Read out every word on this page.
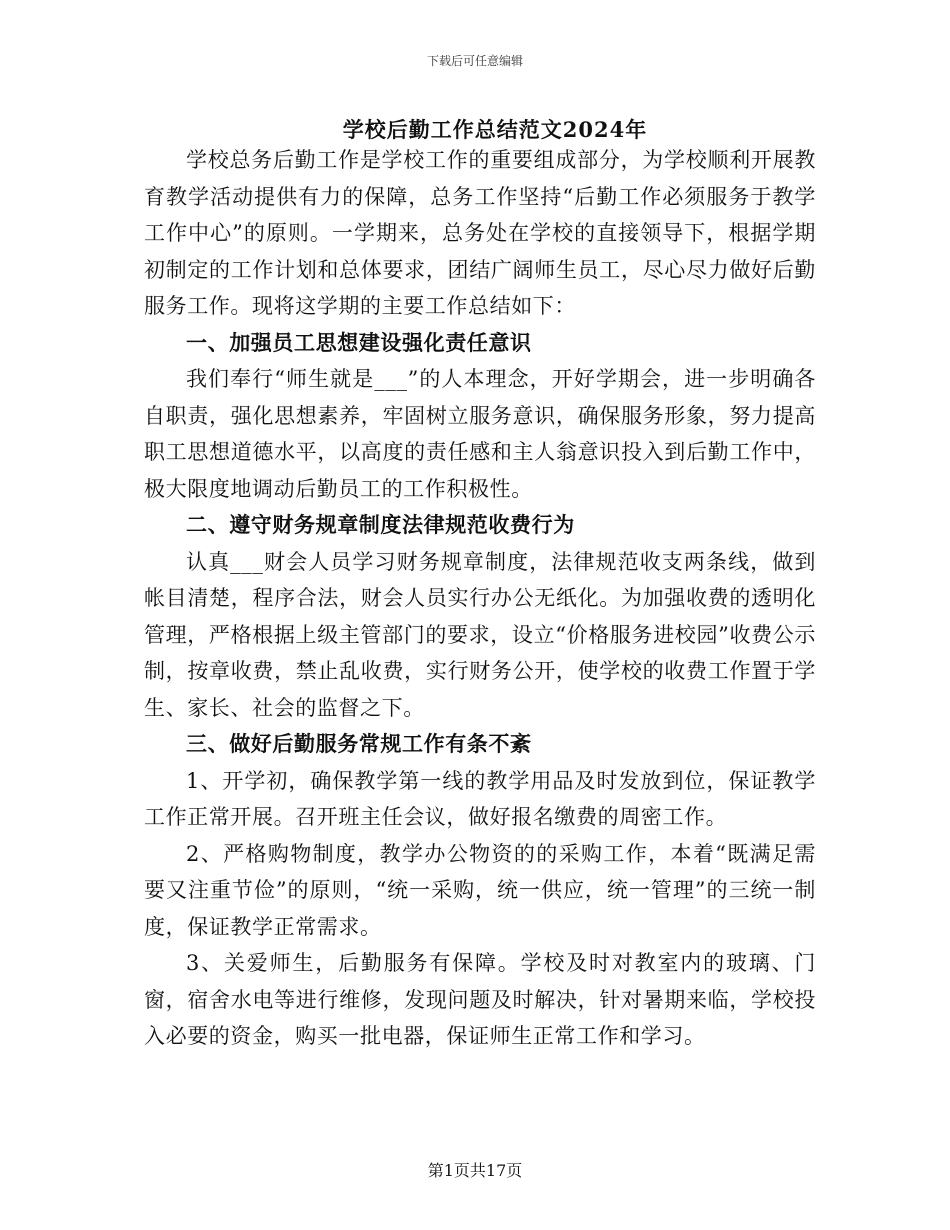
下载后可任意编辑
学校后勤工作总结范文2024年

学校总务后勤工作是学校工作的重要组成部分，为学校顺利开展教育教学活动提供有力的保障，总务工作坚持“后勤工作必须服务于教学工作中心”的原则。一学期来，总务处在学校的直接领导下，根据学期初制定的工作计划和总体要求，团结广阔师生员工，尽心尽力做好后勤服务工作。现将这学期的主要工作总结如下：

一、加强员工思想建设强化责任意识

我们奉行“师生就是___”的人本理念，开好学期会，进一步明确各自职责，强化思想素养，牢固树立服务意识，确保服务形象，努力提高职工思想道德水平，以高度的责任感和主人翁意识投入到后勤工作中，极大限度地调动后勤员工的工作积极性。

二、遵守财务规章制度法律规范收费行为

认真___财会人员学习财务规章制度，法律规范收支两条线，做到帐目清楚，程序合法，财会人员实行办公无纸化。为加强收费的透明化管理，严格根据上级主管部门的要求，设立“价格服务进校园”收费公示制，按章收费，禁止乱收费，实行财务公开，使学校的收费工作置于学生、家长、社会的监督之下。

三、做好后勤服务常规工作有条不紊

1、开学初，确保教学第一线的教学用品及时发放到位，保证教学工作正常开展。召开班主任会议，做好报名缴费的周密工作。

2、严格购物制度，教学办公物资的的采购工作，本着“既满足需要又注重节俭”的原则，“统一采购，统一供应，统一管理”的三统一制度，保证教学正常需求。

3、关爱师生，后勤服务有保障。学校及时对教室内的玻璃、门窗，宿舍水电等进行维修，发现问题及时解决，针对暑期来临，学校投入必要的资金，购买一批电器，保证师生正常工作和学习。

第1页共17页
